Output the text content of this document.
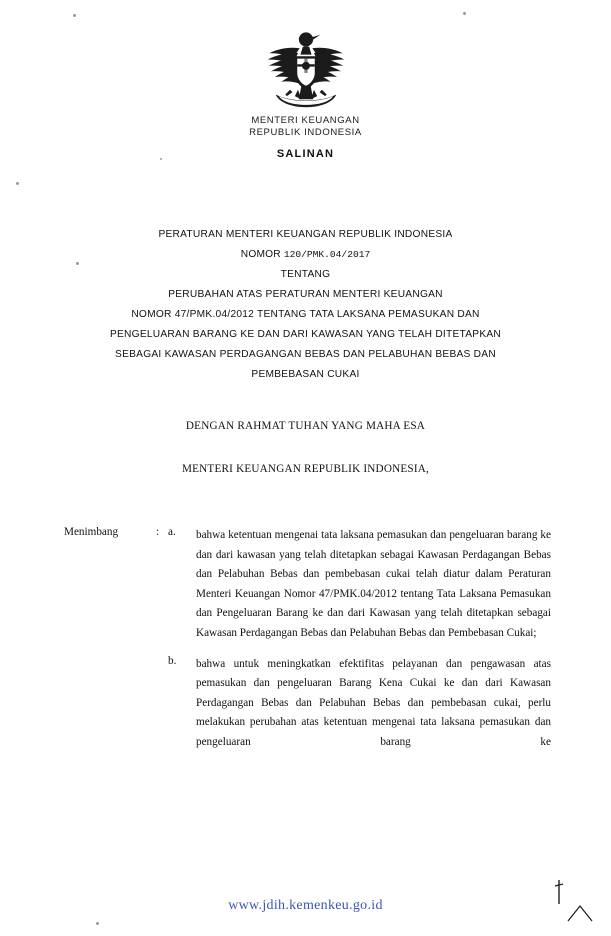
MENTERI KEUANGAN
REPUBLIK INDONESIA
SALINAN
PERATURAN MENTERI KEUANGAN REPUBLIK INDONESIA
NOMOR 120/PMK.04/2017
TENTANG
PERUBAHAN ATAS PERATURAN MENTERI KEUANGAN
NOMOR 47/PMK.04/2012 TENTANG TATA LAKSANA PEMASUKAN DAN
PENGELUARAN BARANG KE DAN DARI KAWASAN YANG TELAH DITETAPKAN
SEBAGAI KAWASAN PERDAGANGAN BEBAS DAN PELABUHAN BEBAS DAN
PEMBEBASAN CUKAI
DENGAN RAHMAT TUHAN YANG MAHA ESA
MENTERI KEUANGAN REPUBLIK INDONESIA,
Menimbang	: a. bahwa ketentuan mengenai tata laksana pemasukan dan pengeluaran barang ke dan dari kawasan yang telah ditetapkan sebagai Kawasan Perdagangan Bebas dan Pelabuhan Bebas dan pembebasan cukai telah diatur dalam Peraturan Menteri Keuangan Nomor 47/PMK.04/2012 tentang Tata Laksana Pemasukan dan Pengeluaran Barang ke dan dari Kawasan yang telah ditetapkan sebagai Kawasan Perdagangan Bebas dan Pelabuhan Bebas dan Pembebasan Cukai;
b. bahwa untuk meningkatkan efektifitas pelayanan dan pengawasan atas pemasukan dan pengeluaran Barang Kena Cukai ke dan dari Kawasan Perdagangan Bebas dan Pelabuhan Bebas dan pembebasan cukai, perlu melakukan perubahan atas ketentuan mengenai tata laksana pemasukan dan pengeluaran barang ke
www.jdih.kemenkeu.go.id
